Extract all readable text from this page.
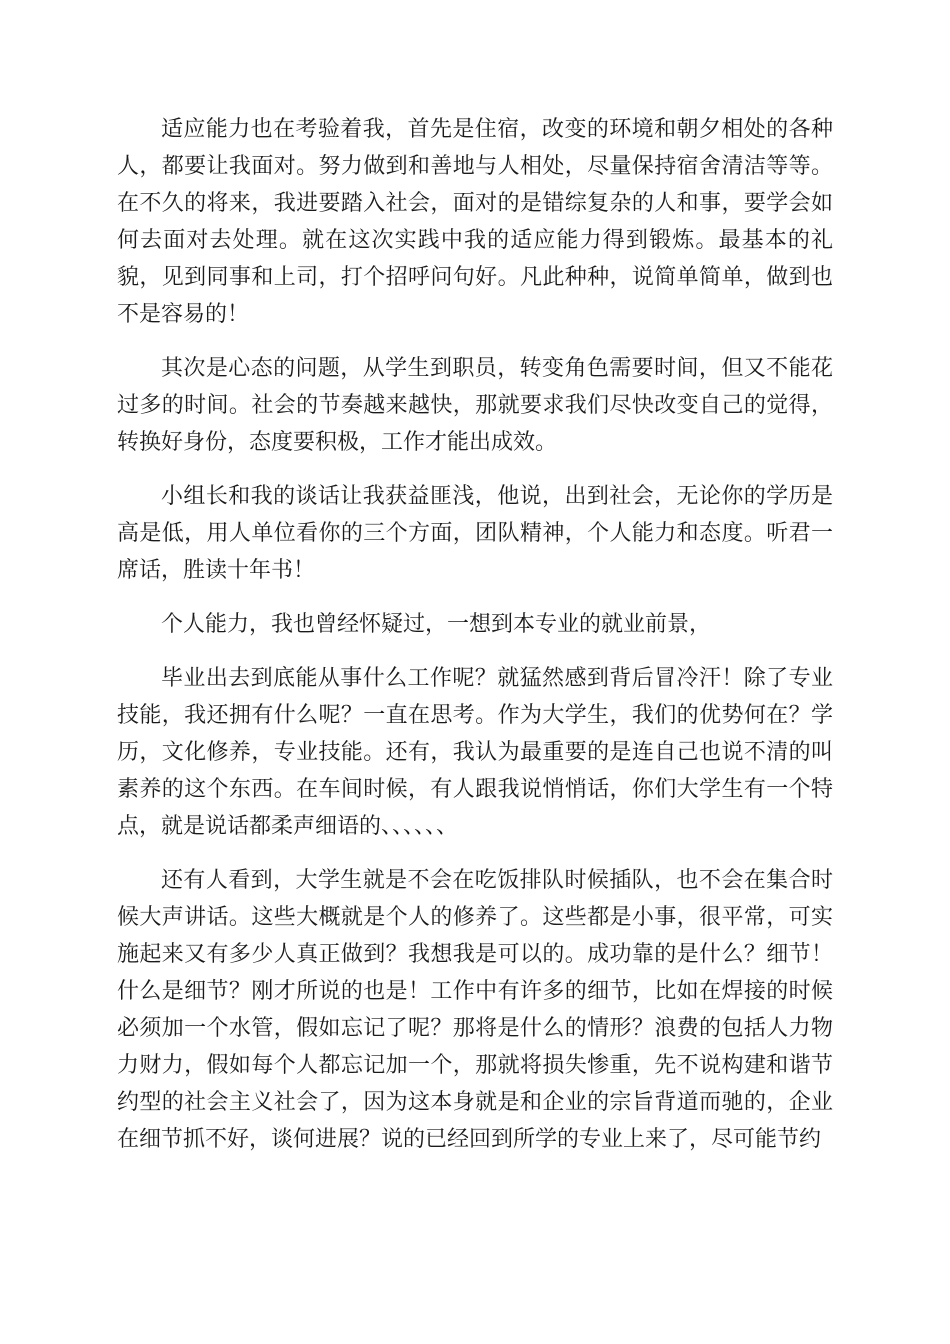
适应能力也在考验着我，首先是住宿，改变的环境和朝夕相处的各种人，都要让我面对。努力做到和善地与人相处，尽量保持宿舍清洁等等。在不久的将来，我进要踏入社会，面对的是错综复杂的人和事，要学会如何去面对去处理。就在这次实践中我的适应能力得到锻炼。最基本的礼貌，见到同事和上司，打个招呼问句好。凡此种种，说简单简单，做到也不是容易的！

其次是心态的问题，从学生到职员，转变角色需要时间，但又不能花过多的时间。社会的节奏越来越快，那就要求我们尽快改变自己的觉得，转换好身份，态度要积极，工作才能出成效。

小组长和我的谈话让我获益匪浅，他说，出到社会，无论你的学历是高是低，用人单位看你的三个方面，团队精神，个人能力和态度。听君一席话，胜读十年书！

个人能力，我也曾经怀疑过，一想到本专业的就业前景，

毕业出去到底能从事什么工作呢？就猛然感到背后冒冷汗！除了专业技能，我还拥有什么呢？一直在思考。作为大学生，我们的优势何在？学历，文化修养，专业技能。还有，我认为最重要的是连自己也说不清的叫素养的这个东西。在车间时候，有人跟我说悄悄话，你们大学生有一个特点，就是说话都柔声细语的、、、、、、

还有人看到，大学生就是不会在吃饭排队时候插队，也不会在集合时候大声讲话。这些大概就是个人的修养了。这些都是小事，很平常，可实施起来又有多少人真正做到？我想我是可以的。成功靠的是什么？细节！什么是细节？刚才所说的也是！工作中有许多的细节，比如在焊接的时候必须加一个水管，假如忘记了呢？那将是什么的情形？浪费的包括人力物力财力，假如每个人都忘记加一个，那就将损失惨重，先不说构建和谐节约型的社会主义社会了，因为这本身就是和企业的宗旨背道而驰的，企业在细节抓不好，谈何进展？说的已经回到所学的专业上来了，尽可能节约
